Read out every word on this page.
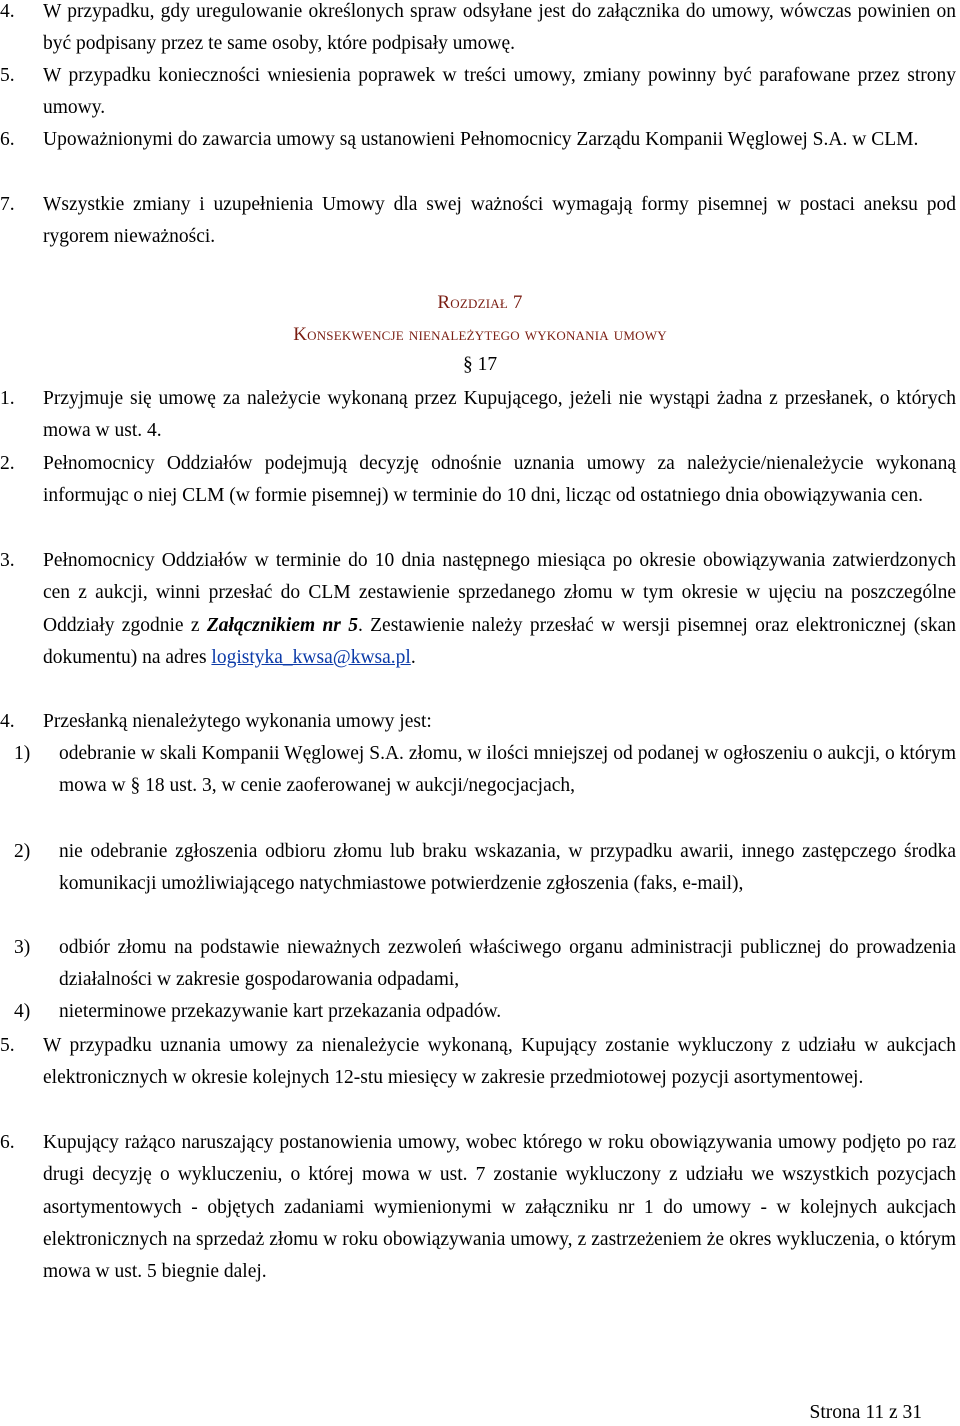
4.	W przypadku, gdy uregulowanie określonych spraw odsyłane jest do załącznika do umowy, wówczas powinien on być podpisany przez te same osoby, które podpisały umowę.
5.	W przypadku konieczności wniesienia poprawek w treści umowy, zmiany powinny być parafowane przez strony umowy.
6.	Upoważnionymi do zawarcia umowy są ustanowieni Pełnomocnicy Zarządu Kompanii Węglowej S.A. w CLM.
7.	Wszystkie zmiany i uzupełnienia Umowy dla swej ważności wymagają formy pisemnej w postaci aneksu pod rygorem nieważności.
Rozdział 7
Konsekwencje nienależytego wykonania umowy
§ 17
1.	Przyjmuje się umowę za należycie wykonaną przez Kupującego, jeżeli nie wystąpi żadna z przesłanek, o których mowa w ust. 4.
2.	Pełnomocnicy Oddziałów podejmują decyzję odnośnie uznania umowy za należycie/nienależycie wykonaną informując o niej CLM (w formie pisemnej) w terminie do 10 dni, licząc od ostatniego dnia obowiązywania cen.
3.	Pełnomocnicy Oddziałów w terminie do 10 dnia następnego miesiąca po okresie obowiązywania zatwierdzonych cen z aukcji, winni przesłać do CLM zestawienie sprzedanego złomu w tym okresie w ujęciu na poszczególne Oddziały zgodnie z Załącznikiem nr 5. Zestawienie należy przesłać w wersji pisemnej oraz elektronicznej (skan dokumentu) na adres logistyka_kwsa@kwsa.pl.
4.	Przesłanką nienależytego wykonania umowy jest:
1)	odebranie w skali Kompanii Węglowej S.A. złomu, w ilości mniejszej od podanej w ogłoszeniu o aukcji, o którym mowa w § 18 ust. 3, w cenie zaoferowanej w aukcji/negocjacjach,
2)	nie odebranie zgłoszenia odbioru złomu lub braku wskazania, w przypadku awarii, innego zastępczego środka komunikacji umożliwiającego natychmiastowe potwierdzenie zgłoszenia (faks, e-mail),
3)	odbiór złomu na podstawie nieważnych zezwoleń właściwego organu administracji publicznej do prowadzenia działalności w zakresie gospodarowania odpadami,
4)	nieterminowe przekazywanie kart przekazania odpadów.
5.	W przypadku uznania umowy za nienależycie wykonaną, Kupujący zostanie wykluczony z udziału w aukcjach elektronicznych w okresie kolejnych 12-stu miesięcy w zakresie przedmiotowej pozycji asortymentowej.
6.	Kupujący rażąco naruszający postanowienia umowy, wobec którego w roku obowiązywania umowy podjęto po raz drugi decyzję o wykluczeniu, o której mowa w ust. 7 zostanie wykluczony z udziału we wszystkich pozycjach asortymentowych - objętych zadaniami wymienionymi w załączniku nr 1 do umowy - w kolejnych aukcjach elektronicznych na sprzedaż złomu w roku obowiązywania umowy, z zastrzeżeniem że okres wykluczenia, o którym mowa w ust. 5 biegnie dalej.
Strona 11 z 31
